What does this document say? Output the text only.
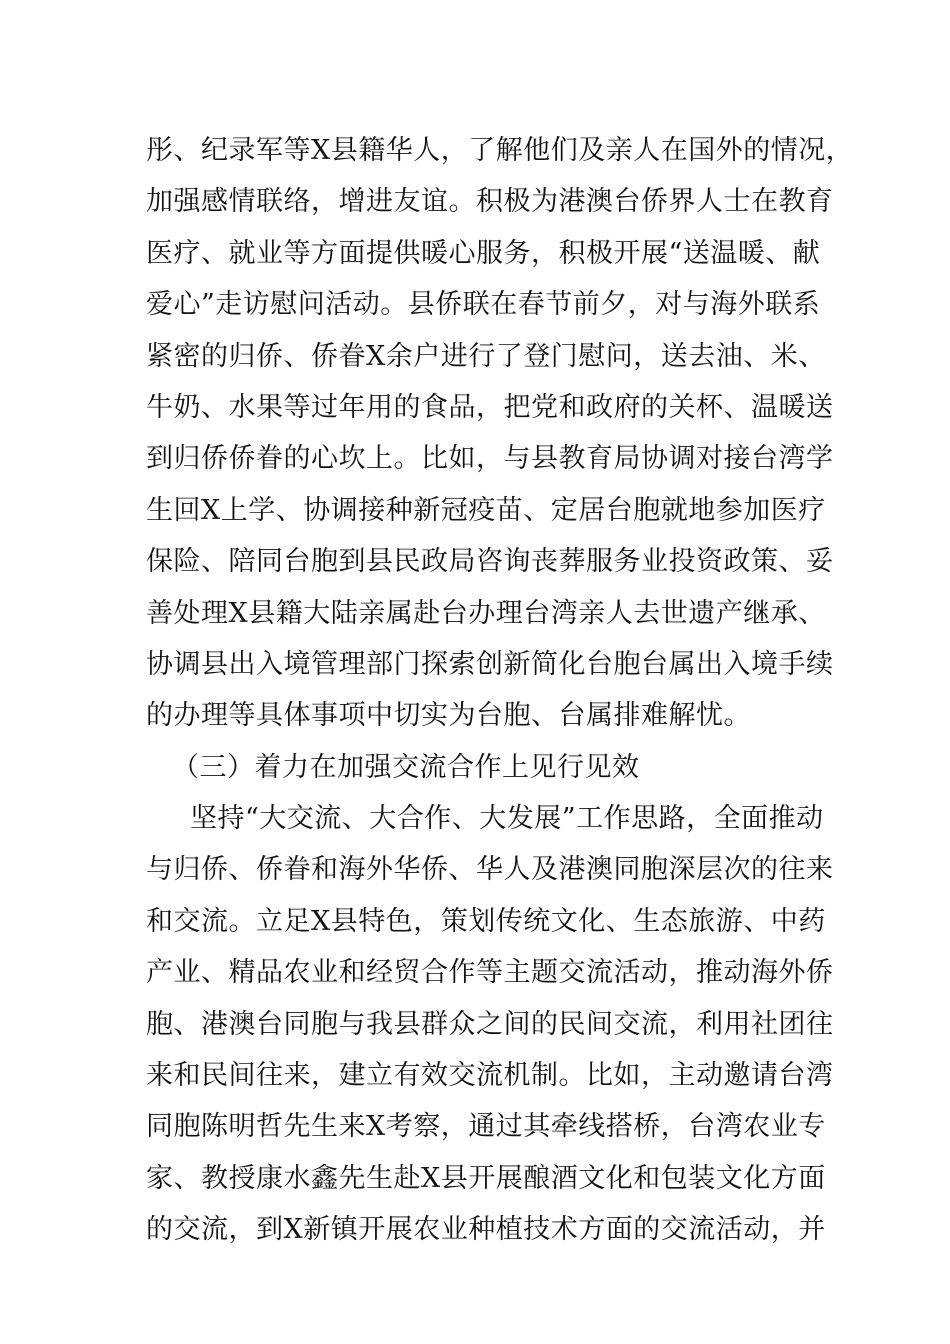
彤、纪录军等X县籍华人，了解他们及亲人在国外的情况，
加强感情联络，增进友谊。积极为港澳台侨界人士在教育
医疗、就业等方面提供暖心服务，积极开展“送温暖、献
爱心”走访慰问活动。县侨联在春节前夕，对与海外联系
紧密的归侨、侨眷X余户进行了登门慰问，送去油、米、
牛奶、水果等过年用的食品，把党和政府的关杯、温暖送
到归侨侨眷的心坎上。比如，与县教育局协调对接台湾学
生回X上学、协调接种新冠疫苗、定居台胞就地参加医疗
保险、陪同台胞到县民政局咨询丧葬服务业投资政策、妥
善处理X县籍大陆亲属赴台办理台湾亲人去世遗产继承、
协调县出入境管理部门探索创新简化台胞台属出入境手续
的办理等具体事项中切实为台胞、台属排难解忧。
（三）着力在加强交流合作上见行见效
坚持“大交流、大合作、大发展”工作思路，全面推动
与归侨、侨眷和海外华侨、华人及港澳同胞深层次的往来
和交流。立足X县特色，策划传统文化、生态旅游、中药
产业、精品农业和经贸合作等主题交流活动，推动海外侨
胞、港澳台同胞与我县群众之间的民间交流，利用社团往
来和民间往来，建立有效交流机制。比如，主动邀请台湾
同胞陈明哲先生来X考察，通过其牵线搭桥，台湾农业专
家、教授康水鑫先生赴X县开展酿酒文化和包装文化方面
的交流，到X新镇开展农业种植技术方面的交流活动，并
